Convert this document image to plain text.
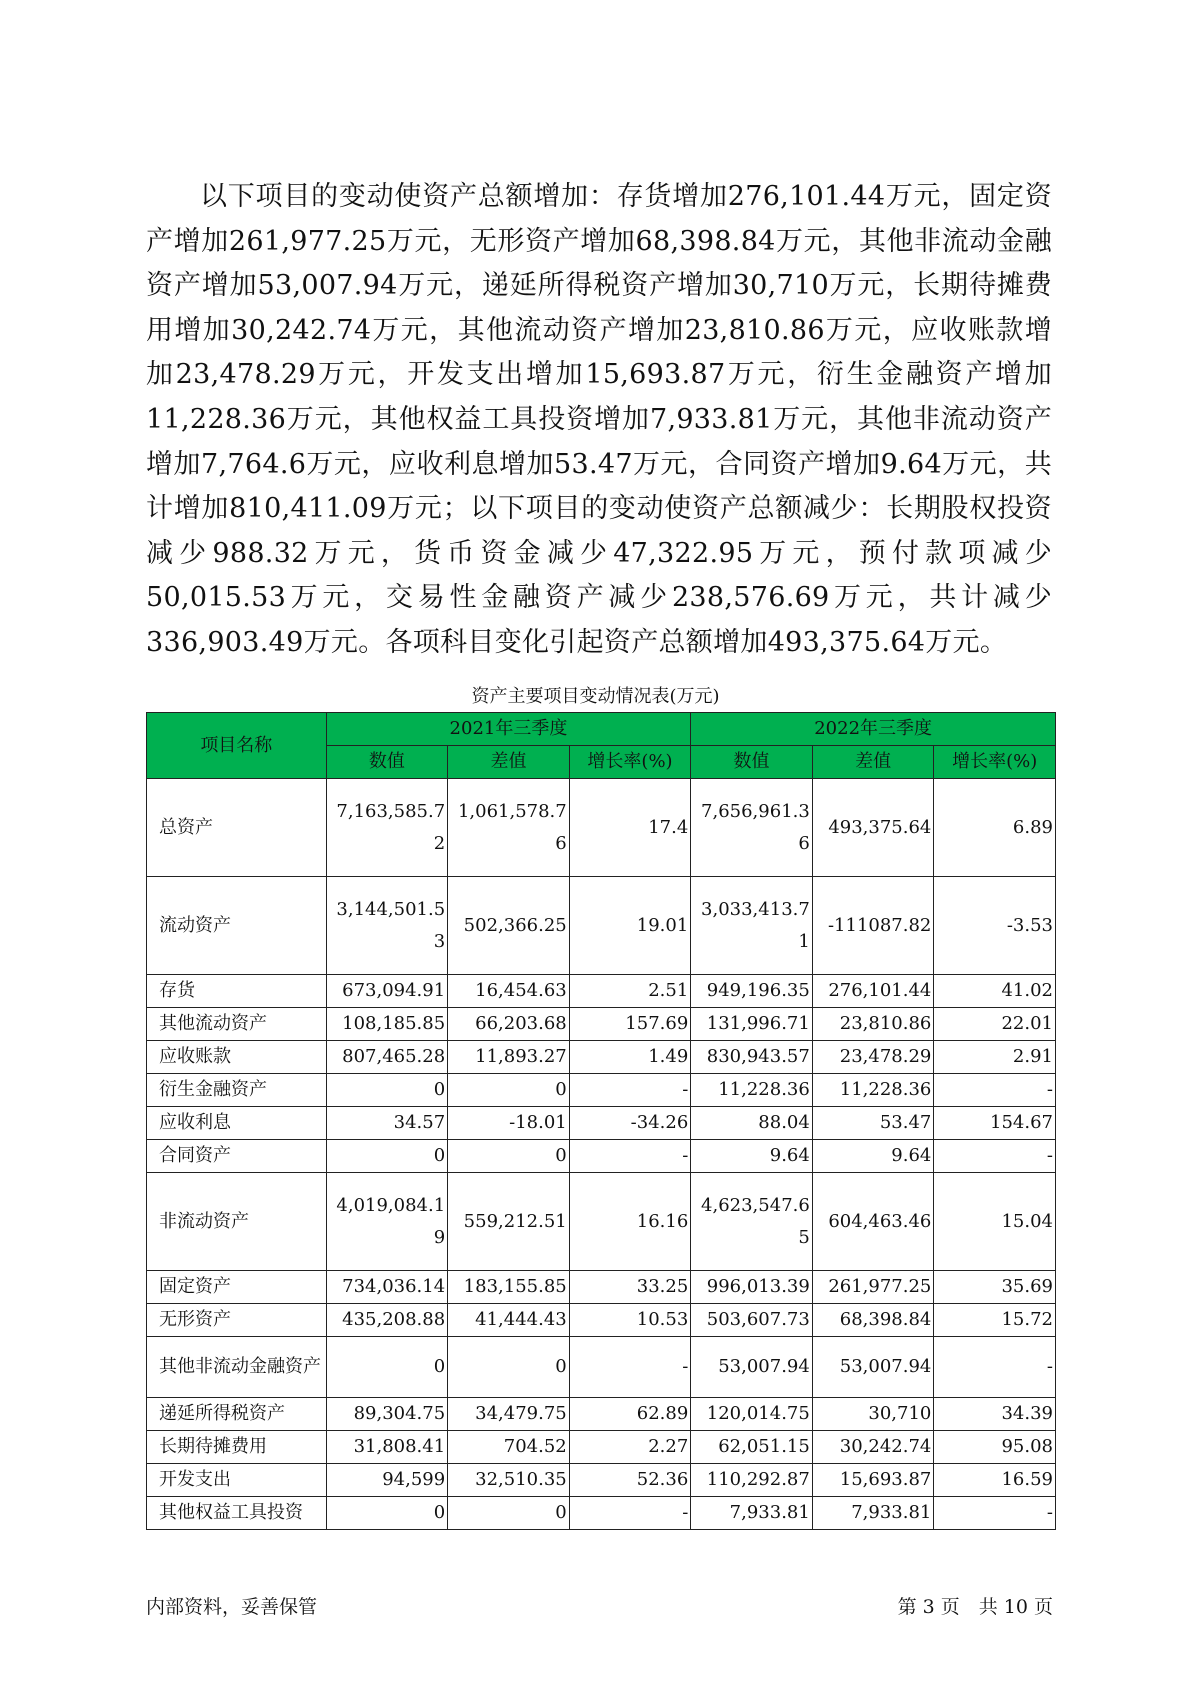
以下项目的变动使资产总额增加：存货增加276,101.44万元，固定资产增加261,977.25万元，无形资产增加68,398.84万元，其他非流动金融资产增加53,007.94万元，递延所得税资产增加30,710万元，长期待摊费用增加30,242.74万元，其他流动资产增加23,810.86万元，应收账款增加23,478.29万元，开发支出增加15,693.87万元，衍生金融资产增加11,228.36万元，其他权益工具投资增加7,933.81万元，其他非流动资产增加7,764.6万元，应收利息增加53.47万元，合同资产增加9.64万元，共计增加810,411.09万元；以下项目的变动使资产总额减少：长期股权投资减少988.32万元，货币资金减少47,322.95万元，预付款项减少50,015.53万元，交易性金融资产减少238,576.69万元，共计减少336,903.49万元。各项科目变化引起资产总额增加493,375.64万元。

资产主要项目变动情况表(万元)
项目名称	2021年三季度			2022年三季度		
	数值	差值	增长率(%)	数值	差值	增长率(%)
总资产	7,163,585.72	1,061,578.76	17.4	7,656,961.36	493,375.64	6.89
流动资产	3,144,501.53	502,366.25	19.01	3,033,413.71	-111087.82	-3.53
存货	673,094.91	16,454.63	2.51	949,196.35	276,101.44	41.02
其他流动资产	108,185.85	66,203.68	157.69	131,996.71	23,810.86	22.01
应收账款	807,465.28	11,893.27	1.49	830,943.57	23,478.29	2.91
衍生金融资产	0	0	-	11,228.36	11,228.36	-
应收利息	34.57	-18.01	-34.26	88.04	53.47	154.67
合同资产	0	0	-	9.64	9.64	-
非流动资产	4,019,084.19	559,212.51	16.16	4,623,547.65	604,463.46	15.04
固定资产	734,036.14	183,155.85	33.25	996,013.39	261,977.25	35.69
无形资产	435,208.88	41,444.43	10.53	503,607.73	68,398.84	15.72
其他非流动金融资产	0	0	-	53,007.94	53,007.94	-
递延所得税资产	89,304.75	34,479.75	62.89	120,014.75	30,710	34.39
长期待摊费用	31,808.41	704.52	2.27	62,051.15	30,242.74	95.08
开发支出	94,599	32,510.35	52.36	110,292.87	15,693.87	16.59
其他权益工具投资	0	0	-	7,933.81	7,933.81	-
内部资料，妥善保管	第 3 页　共 10 页
